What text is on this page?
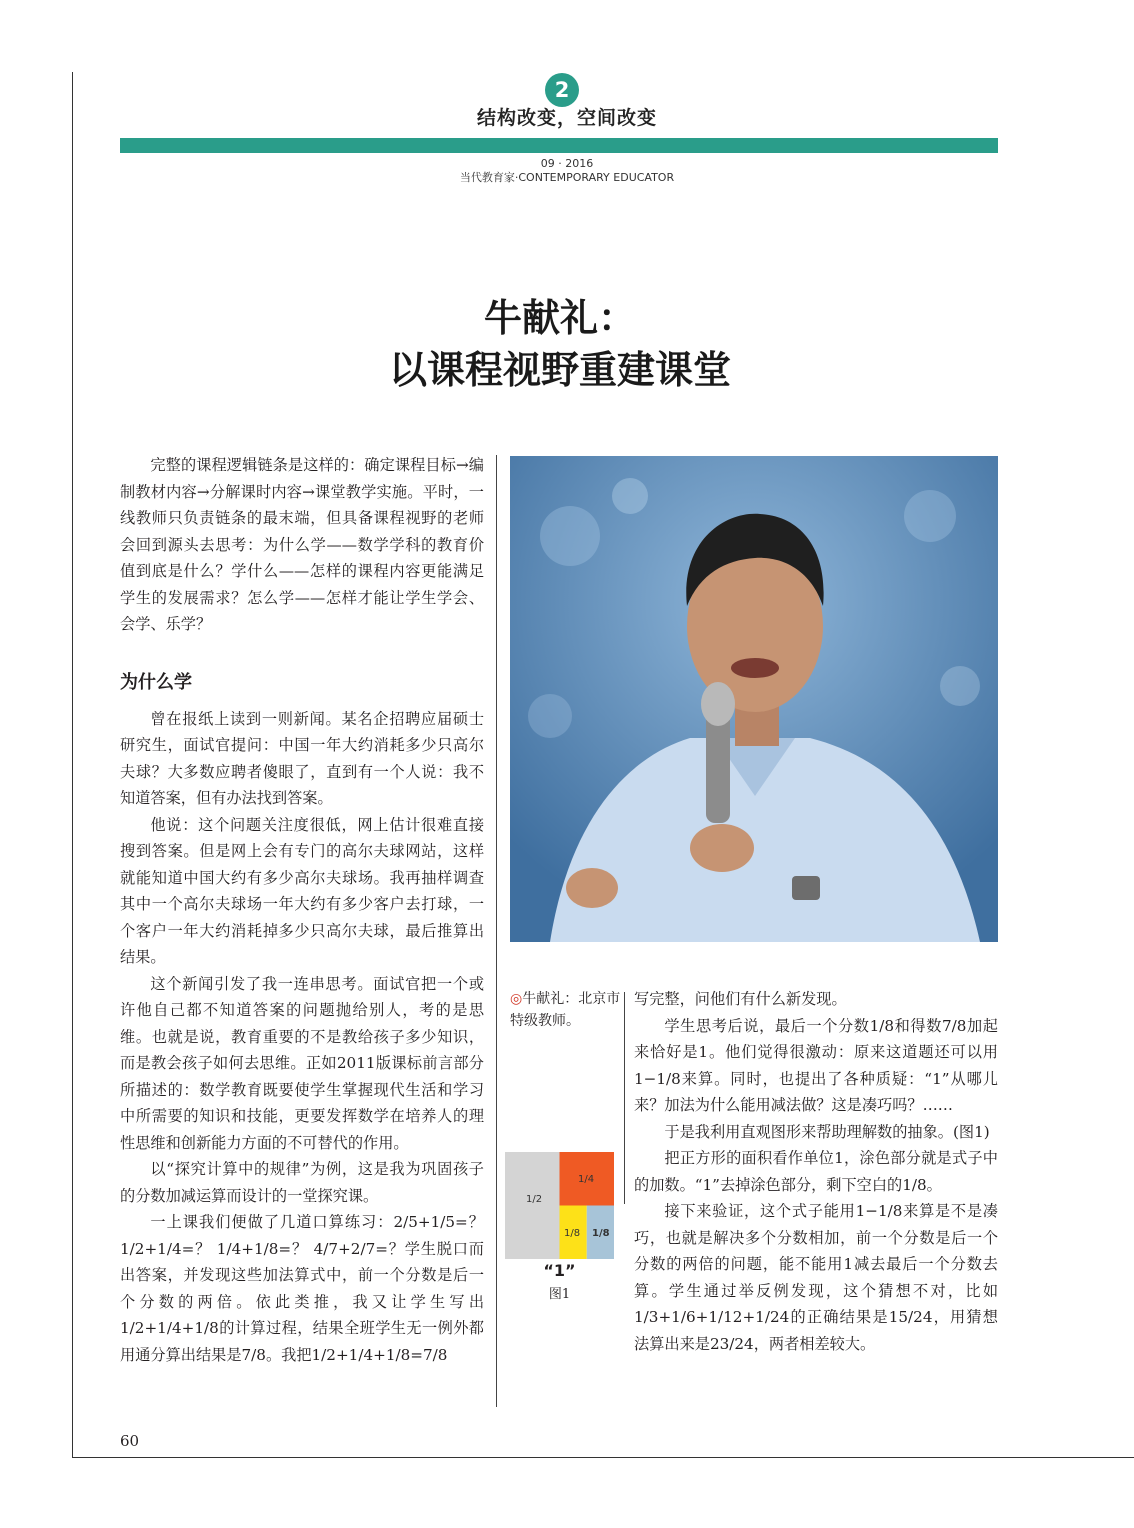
2
结构改变，空间改变
09 · 2016
当代教育家·CONTEMPORARY EDUCATOR
牛献礼：
以课程视野重建课堂

完整的课程逻辑链条是这样的：确定课程目标→编制教材内容→分解课时内容→课堂教学实施。平时，一线教师只负责链条的最末端，但具备课程视野的老师会回到源头去思考：为什么学——数学学科的教育价值到底是什么？学什么——怎样的课程内容更能满足学生的发展需求？怎么学——怎样才能让学生学会、会学、乐学？

为什么学

曾在报纸上读到一则新闻。某名企招聘应届硕士研究生，面试官提问：中国一年大约消耗多少只高尔夫球？大多数应聘者傻眼了，直到有一个人说：我不知道答案，但有办法找到答案。

他说：这个问题关注度很低，网上估计很难直接搜到答案。但是网上会有专门的高尔夫球网站，这样就能知道中国大约有多少高尔夫球场。我再抽样调查其中一个高尔夫球场一年大约有多少客户去打球，一个客户一年大约消耗掉多少只高尔夫球，最后推算出结果。

这个新闻引发了我一连串思考。面试官把一个或许他自己都不知道答案的问题抛给别人，考的是思维。也就是说，教育重要的不是教给孩子多少知识，而是教会孩子如何去思维。正如2011版课标前言部分所描述的：数学教育既要使学生掌握现代生活和学习中所需要的知识和技能，更要发挥数学在培养人的理性思维和创新能力方面的不可替代的作用。

以“探究计算中的规律”为例，这是我为巩固孩子的分数加减运算而设计的一堂探究课。

一上课我们便做了几道口算练习：2/5+1/5=？1/2+1/4=？ 1/4+1/8=？ 4/7+2/7=？学生脱口而出答案，并发现这些加法算式中，前一个分数是后一个分数的两倍。依此类推，我又让学生写出1/2+1/4+1/8的计算过程，结果全班学生无一例外都用通分算出结果是7/8。我把1/2+1/4+1/8=7/8

◎牛献礼：北京市特级教师。
1/2
1/4
1/8 1/8
“1”
图1

写完整，问他们有什么新发现。

学生思考后说，最后一个分数1/8和得数7/8加起来恰好是1。他们觉得很激动：原来这道题还可以用1−1/8来算。同时，也提出了各种质疑：“1”从哪儿来？加法为什么能用减法做？这是凑巧吗？……

于是我利用直观图形来帮助理解数的抽象。(图1)

把正方形的面积看作单位1，涂色部分就是式子中的加数。“1”去掉涂色部分，剩下空白的1/8。

接下来验证，这个式子能用1−1/8来算是不是凑巧，也就是解决多个分数相加，前一个分数是后一个分数的两倍的问题，能不能用1减去最后一个分数去算。学生通过举反例发现，这个猜想不对，比如1/3+1/6+1/12+1/24的正确结果是15/24，用猜想法算出来是23/24，两者相差较大。

60
